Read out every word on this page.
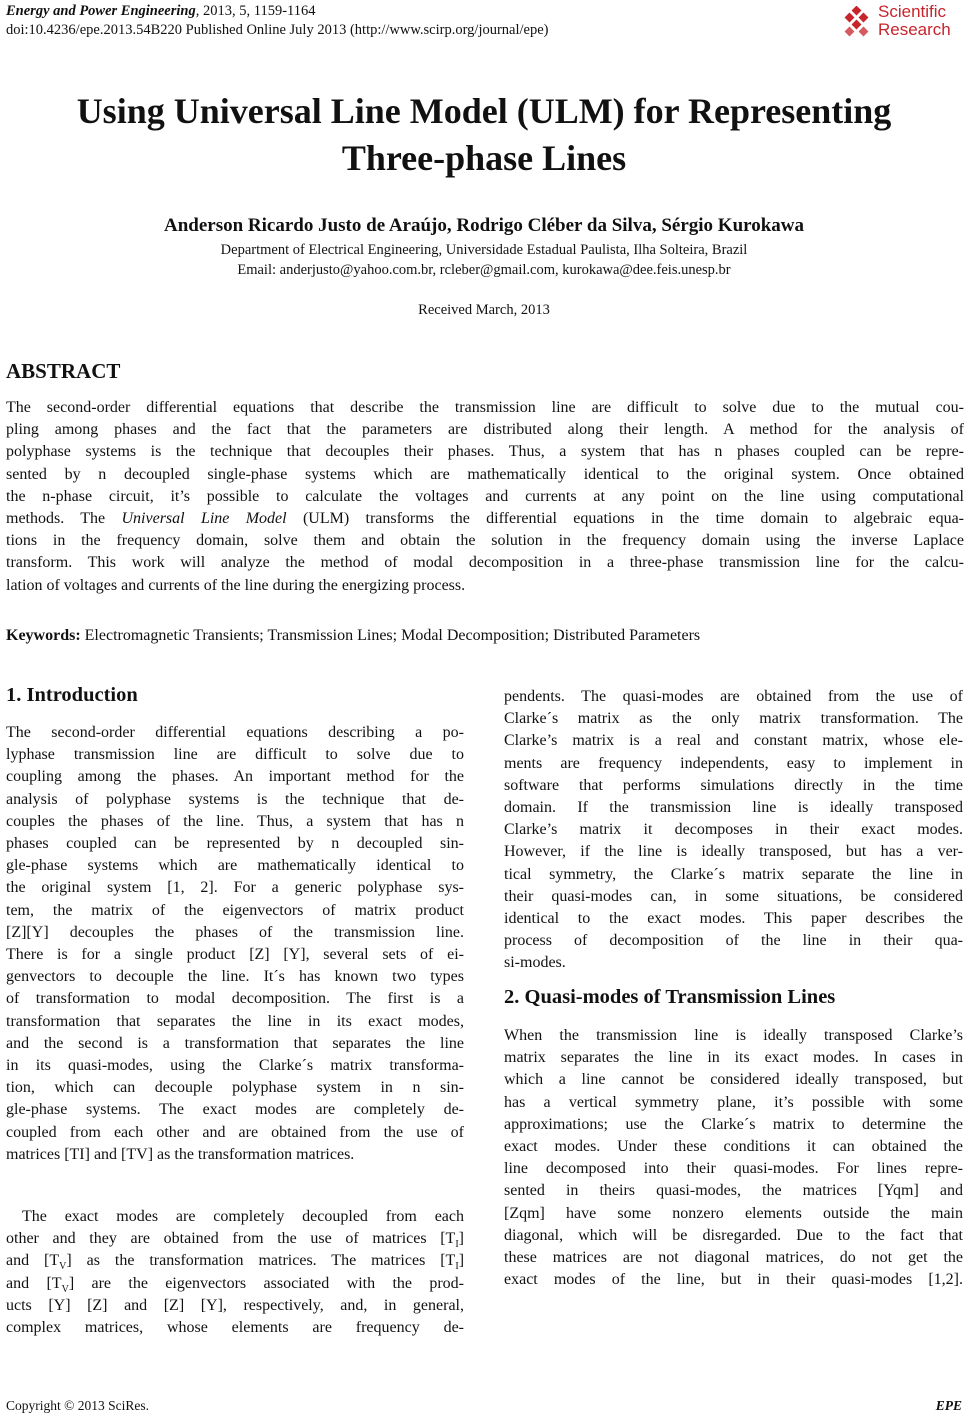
Energy and Power Engineering, 2013, 5, 1159-1164
doi:10.4236/epe.2013.54B220 Published Online July 2013 (http://www.scirp.org/journal/epe)
Scientific
Research
Using Universal Line Model (ULM) for Representing
Three-phase Lines
Anderson Ricardo Justo de Araújo, Rodrigo Cléber da Silva, Sérgio Kurokawa
Department of Electrical Engineering, Universidade Estadual Paulista, Ilha Solteira, Brazil
Email: anderjusto@yahoo.com.br, rcleber@gmail.com, kurokawa@dee.feis.unesp.br
Received March, 2013
ABSTRACT
The second-order differential equations that describe the transmission line are difficult to solve due to the mutual cou-
pling among phases and the fact that the parameters are distributed along their length. A method for the analysis of
polyphase systems is the technique that decouples their phases. Thus, a system that has n phases coupled can be repre-
sented by n decoupled single-phase systems which are mathematically identical to the original system. Once obtained
the n-phase circuit, it’s possible to calculate the voltages and currents at any point on the line using computational
methods. The Universal Line Model (ULM) transforms the differential equations in the time domain to algebraic equa-
tions in the frequency domain, solve them and obtain the solution in the frequency domain using the inverse Laplace
transform. This work will analyze the method of modal decomposition in a three-phase transmission line for the calcu-
lation of voltages and currents of the line during the energizing process.
Keywords: Electromagnetic Transients; Transmission Lines; Modal Decomposition; Distributed Parameters
1. Introduction
The second-order differential equations describing a po-
lyphase transmission line are difficult to solve due to
coupling among the phases. An important method for the
analysis of polyphase systems is the technique that de-
couples the phases of the line. Thus, a system that has n
phases coupled can be represented by n decoupled sin-
gle-phase systems which are mathematically identical to
the original system [1, 2]. For a generic polyphase sys-
tem, the matrix of the eigenvectors of matrix product
[Z][Y] decouples the phases of the transmission line.
There is for a single product [Z] [Y], several sets of ei-
genvectors to decouple the line. It´s has known two types
of transformation to modal decomposition. The first is a
transformation that separates the line in its exact modes,
and the second is a transformation that separates the line
in its quasi-modes, using the Clarke´s matrix transforma-
tion, which can decouple polyphase system in n sin-
gle-phase systems. The exact modes are completely de-
coupled from each other and are obtained from the use of
matrices [TI] and [TV] as the transformation matrices.
The exact modes are completely decoupled from each
other and they are obtained from the use of matrices $[T_I]$
and $[T_V]$ as the transformation matrices. The matrices $[T_I]$
and $[T_V]$ are the eigenvectors associated with the prod-
ucts [Y] [Z] and [Z] [Y], respectively, and, in general,
complex matrices, whose elements are frequency de-
pendents. The quasi-modes are obtained from the use of
Clarke´s matrix as the only matrix transformation. The
Clarke’s matrix is a real and constant matrix, whose ele-
ments are frequency independents, easy to implement in
software that performs simulations directly in the time
domain. If the transmission line is ideally transposed
Clarke’s matrix it decomposes in their exact modes.
However, if the line is ideally transposed, but has a ver-
tical symmetry, the Clarke´s matrix separate the line in
their quasi-modes can, in some situations, be considered
identical to the exact modes. This paper describes the
process of decomposition of the line in their qua-
si-modes.
2. Quasi-modes of Transmission Lines
When the transmission line is ideally transposed Clarke’s
matrix separates the line in its exact modes. In cases in
which a line cannot be considered ideally transposed, but
has a vertical symmetry plane, it’s possible with some
approximations; use the Clarke´s matrix to determine the
exact modes. Under these conditions it can obtained the
line decomposed into their quasi-modes. For lines repre-
sented in theirs quasi-modes, the matrices [Yqm] and
[Zqm] have some nonzero elements outside the main
diagonal, which will be disregarded. Due to the fact that
these matrices are not diagonal matrices, do not get the
exact modes of the line, but in their quasi-modes [1,2].
Copyright © 2013 SciRes.	EPE
